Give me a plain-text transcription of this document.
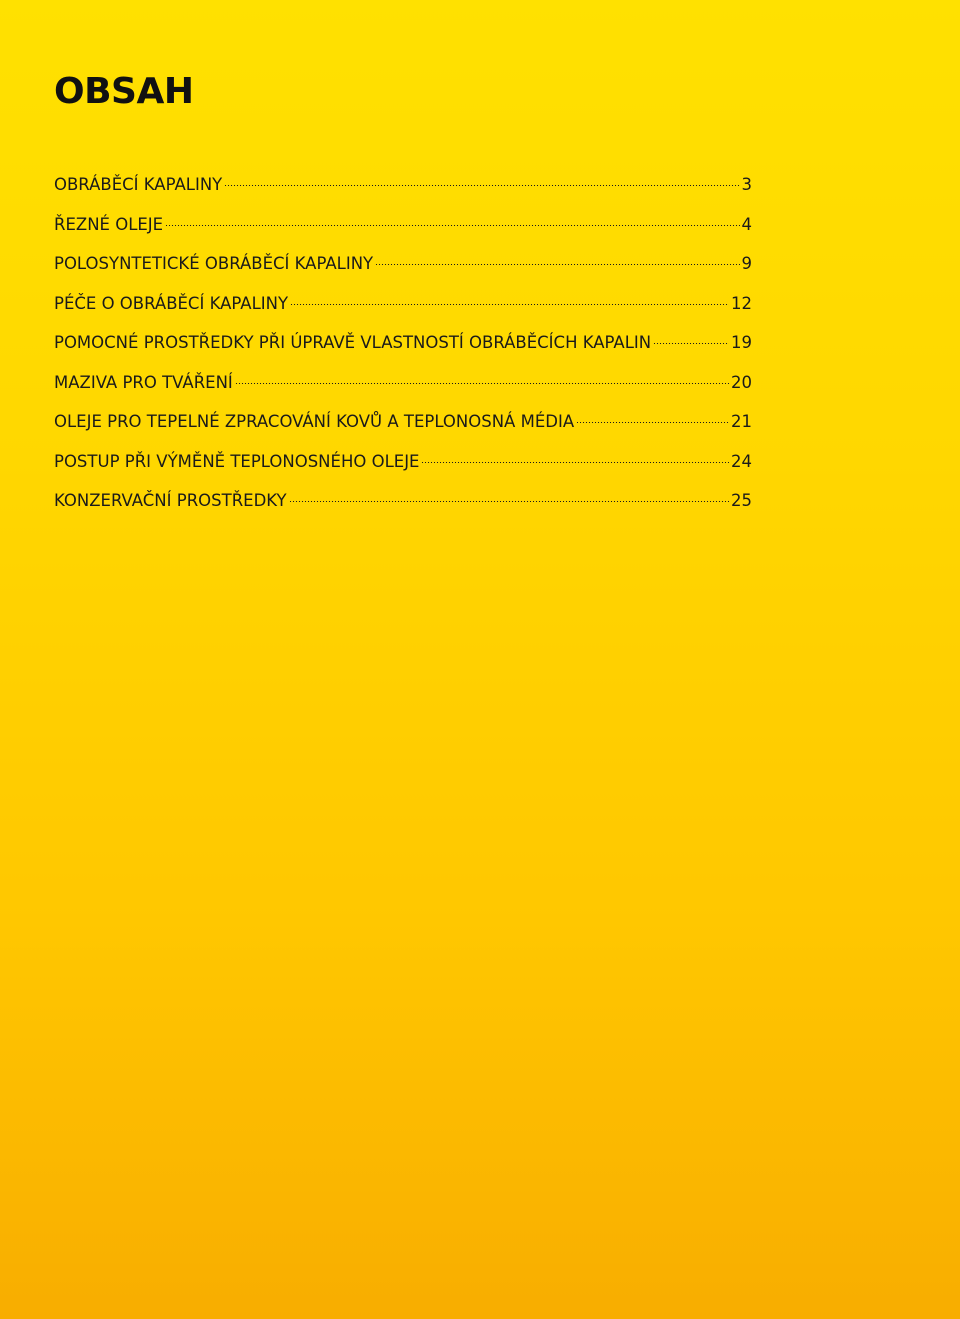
OBSAH
OBRÁBĚCÍ KAPALINY	3
ŘEZNÉ OLEJE	4
POLOSYNTETICKÉ OBRÁBĚCÍ KAPALINY	9
PÉČE O OBRÁBĚCÍ KAPALINY	12
POMOCNÉ PROSTŘEDKY PŘI ÚPRAVĚ VLASTNOSTÍ OBRÁBĚCÍCH KAPALIN	19
MAZIVA PRO TVÁŘENÍ	20
OLEJE PRO TEPELNÉ ZPRACOVÁNÍ KOVŮ A TEPLONOSNÁ MÉDIA	21
POSTUP PŘI VÝMĚNĚ TEPLONOSNÉHO OLEJE	24
KONZERVAČNÍ PROSTŘEDKY	25
